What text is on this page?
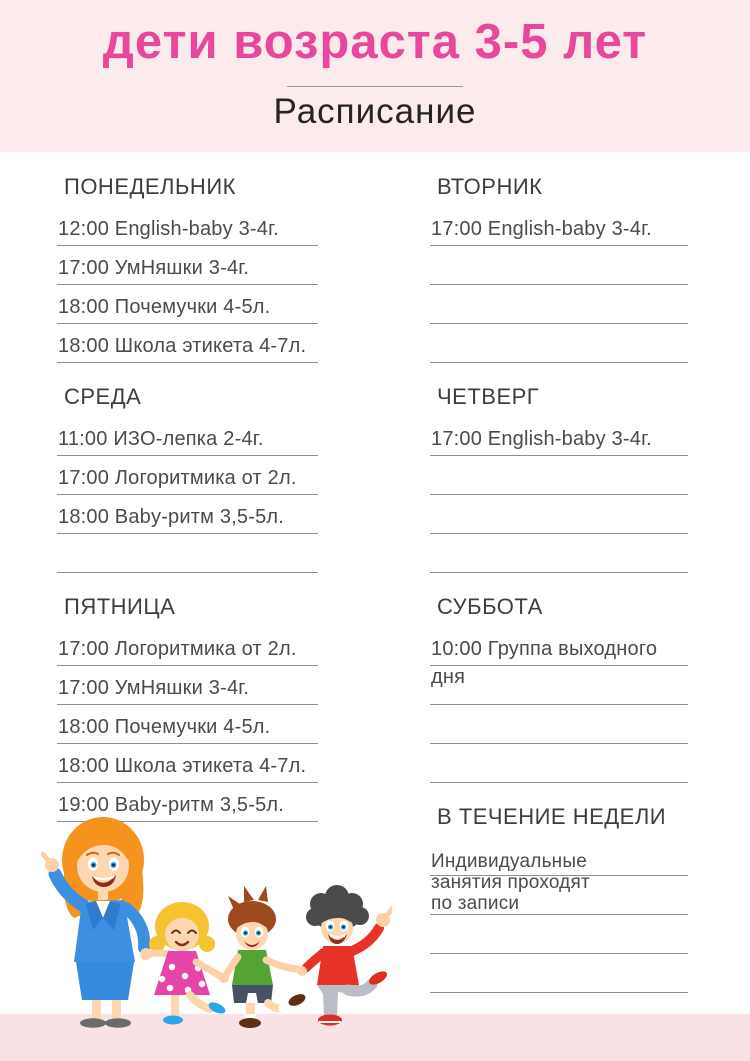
дети возраста 3-5 лет
Расписание
ПОНЕДЕЛЬНИК
12:00 English-baby 3-4г.
17:00 УмНяшки 3-4г.
18:00 Почемучки 4-5л.
18:00 Школа этикета 4-7л.
ВТОРНИК
17:00 English-baby 3-4г.
СРЕДА
11:00 ИЗО-лепка 2-4г.
17:00 Логоритмика от 2л.
18:00 Baby-ритм 3,5-5л.
ЧЕТВЕРГ
17:00 English-baby 3-4г.
ПЯТНИЦА
17:00 Логоритмика от 2л.
17:00 УмНяшки 3-4г.
18:00 Почемучки 4-5л.
18:00 Школа этикета 4-7л.
19:00 Baby-ритм 3,5-5л.
СУББОТА
10:00 Группа выходного
дня
В ТЕЧЕНИЕ НЕДЕЛИ
Индивидуальные
занятия проходят
по записи
